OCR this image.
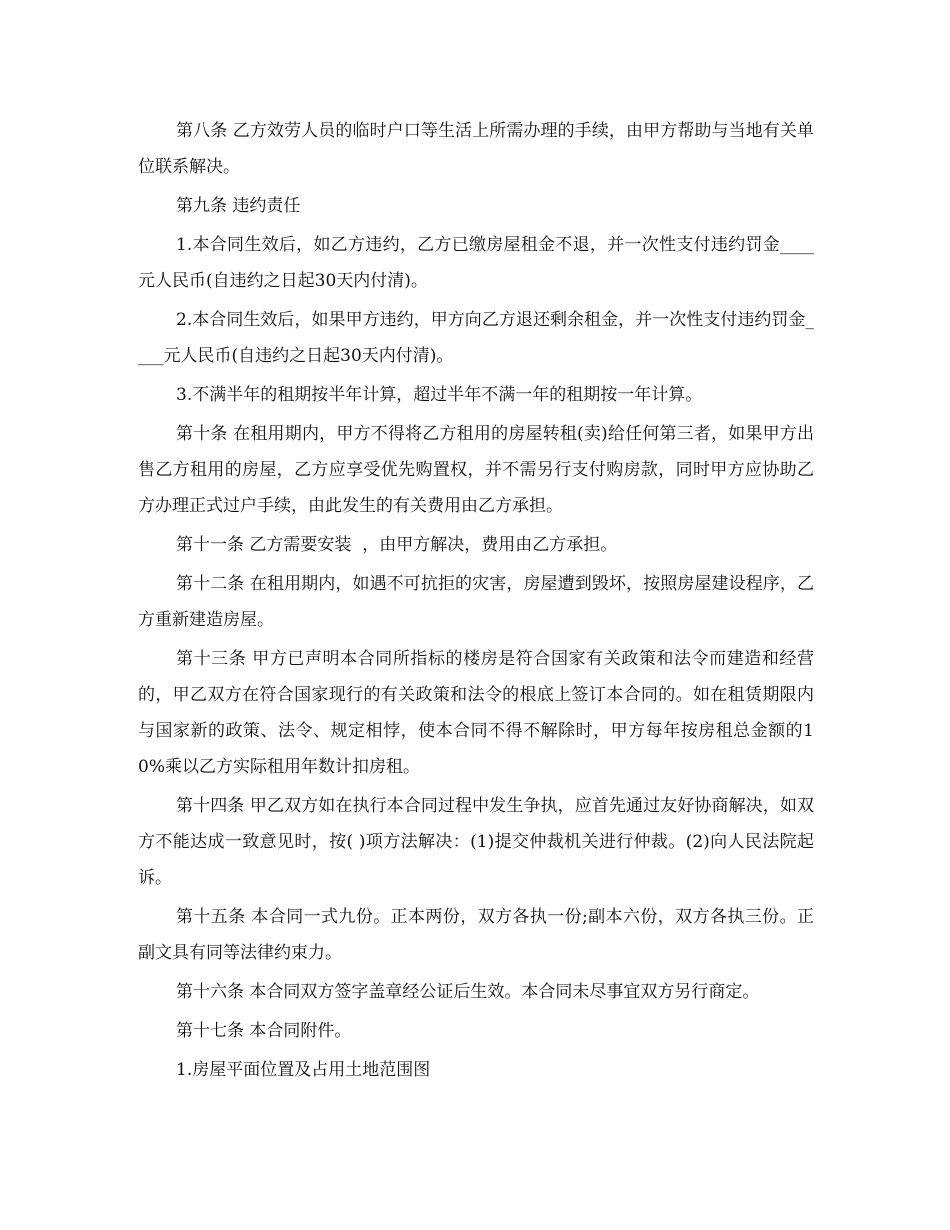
第八条 乙方效劳人员的临时户口等生活上所需办理的手续，由甲方帮助与当地有关单位联系解决。

第九条 违约责任

1.本合同生效后，如乙方违约，乙方已缴房屋租金不退，并一次性支付违约罚金____元人民币(自违约之日起30天内付清)。

2.本合同生效后，如果甲方违约，甲方向乙方退还剩余租金，并一次性支付违约罚金____元人民币(自违约之日起30天内付清)。

3.不满半年的租期按半年计算，超过半年不满一年的租期按一年计算。

第十条 在租用期内，甲方不得将乙方租用的房屋转租(卖)给任何第三者，如果甲方出售乙方租用的房屋，乙方应享受优先购置权，并不需另行支付购房款，同时甲方应协助乙方办理正式过户手续，由此发生的有关费用由乙方承担。

第十一条 乙方需要安装  ，由甲方解决，费用由乙方承担。

第十二条 在租用期内，如遇不可抗拒的灾害，房屋遭到毁坏，按照房屋建设程序，乙方重新建造房屋。

第十三条 甲方已声明本合同所指标的楼房是符合国家有关政策和法令而建造和经营的，甲乙双方在符合国家现行的有关政策和法令的根底上签订本合同的。如在租赁期限内与国家新的政策、法令、规定相悖，使本合同不得不解除时，甲方每年按房租总金额的10%乘以乙方实际租用年数计扣房租。

第十四条 甲乙双方如在执行本合同过程中发生争执，应首先通过友好协商解决，如双方不能达成一致意见时，按( )项方法解决：(1)提交仲裁机关进行仲裁。(2)向人民法院起诉。

第十五条 本合同一式九份。正本两份，双方各执一份;副本六份，双方各执三份。正副文具有同等法律约束力。

第十六条 本合同双方签字盖章经公证后生效。本合同未尽事宜双方另行商定。

第十七条 本合同附件。

1.房屋平面位置及占用土地范围图
